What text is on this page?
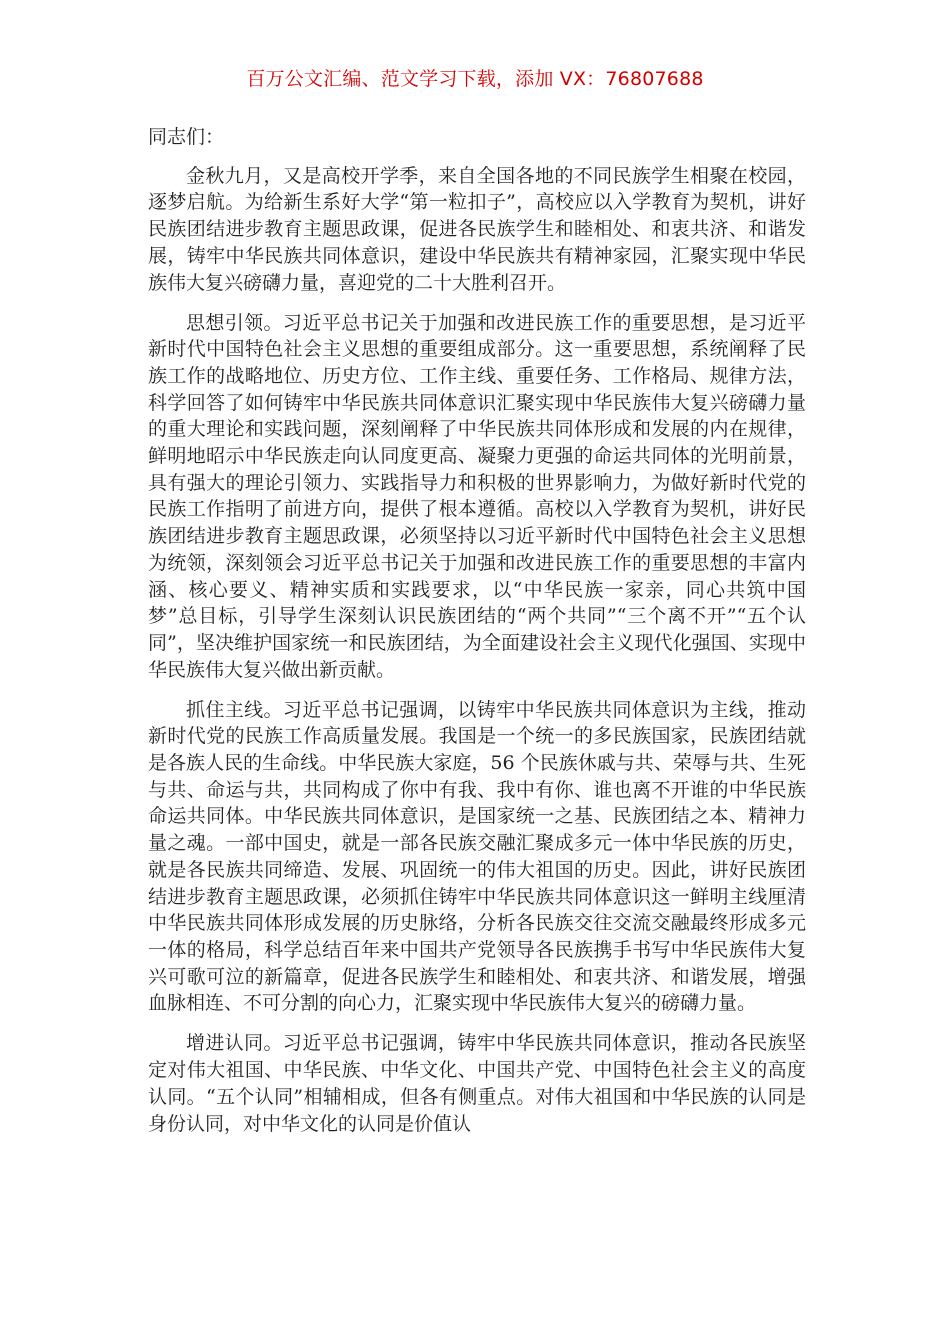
百万公文汇编、范文学习下载，添加 VX：76807688
同志们：

金秋九月，又是高校开学季，来自全国各地的不同民族学生相聚在校园，逐梦启航。为给新生系好大学“第一粒扣子”，高校应以入学教育为契机，讲好民族团结进步教育主题思政课，促进各民族学生和睦相处、和衷共济、和谐发展，铸牢中华民族共同体意识，建设中华民族共有精神家园，汇聚实现中华民族伟大复兴磅礴力量，喜迎党的二十大胜利召开。

思想引领。习近平总书记关于加强和改进民族工作的重要思想，是习近平新时代中国特色社会主义思想的重要组成部分。这一重要思想，系统阐释了民族工作的战略地位、历史方位、工作主线、重要任务、工作格局、规律方法，科学回答了如何铸牢中华民族共同体意识汇聚实现中华民族伟大复兴磅礴力量的重大理论和实践问题，深刻阐释了中华民族共同体形成和发展的内在规律，鲜明地昭示中华民族走向认同度更高、凝聚力更强的命运共同体的光明前景，具有强大的理论引领力、实践指导力和积极的世界影响力，为做好新时代党的民族工作指明了前进方向，提供了根本遵循。高校以入学教育为契机，讲好民族团结进步教育主题思政课，必须坚持以习近平新时代中国特色社会主义思想为统领，深刻领会习近平总书记关于加强和改进民族工作的重要思想的丰富内涵、核心要义、精神实质和实践要求，以“中华民族一家亲，同心共筑中国梦”总目标，引导学生深刻认识民族团结的“两个共同”“三个离不开”“五个认同”，坚决维护国家统一和民族团结，为全面建设社会主义现代化强国、实现中华民族伟大复兴做出新贡献。

抓住主线。习近平总书记强调，以铸牢中华民族共同体意识为主线，推动新时代党的民族工作高质量发展。我国是一个统一的多民族国家，民族团结就是各族人民的生命线。中华民族大家庭，56 个民族休戚与共、荣辱与共、生死与共、命运与共，共同构成了你中有我、我中有你、谁也离不开谁的中华民族命运共同体。中华民族共同体意识，是国家统一之基、民族团结之本、精神力量之魂。一部中国史，就是一部各民族交融汇聚成多元一体中华民族的历史，就是各民族共同缔造、发展、巩固统一的伟大祖国的历史。因此，讲好民族团结进步教育主题思政课，必须抓住铸牢中华民族共同体意识这一鲜明主线厘清中华民族共同体形成发展的历史脉络，分析各民族交往交流交融最终形成多元一体的格局，科学总结百年来中国共产党领导各民族携手书写中华民族伟大复兴可歌可泣的新篇章，促进各民族学生和睦相处、和衷共济、和谐发展，增强血脉相连、不可分割的向心力，汇聚实现中华民族伟大复兴的磅礴力量。

增进认同。习近平总书记强调，铸牢中华民族共同体意识，推动各民族坚定对伟大祖国、中华民族、中华文化、中国共产党、中国特色社会主义的高度认同。“五个认同”相辅相成，但各有侧重点。对伟大祖国和中华民族的认同是身份认同，对中华文化的认同是价值认
